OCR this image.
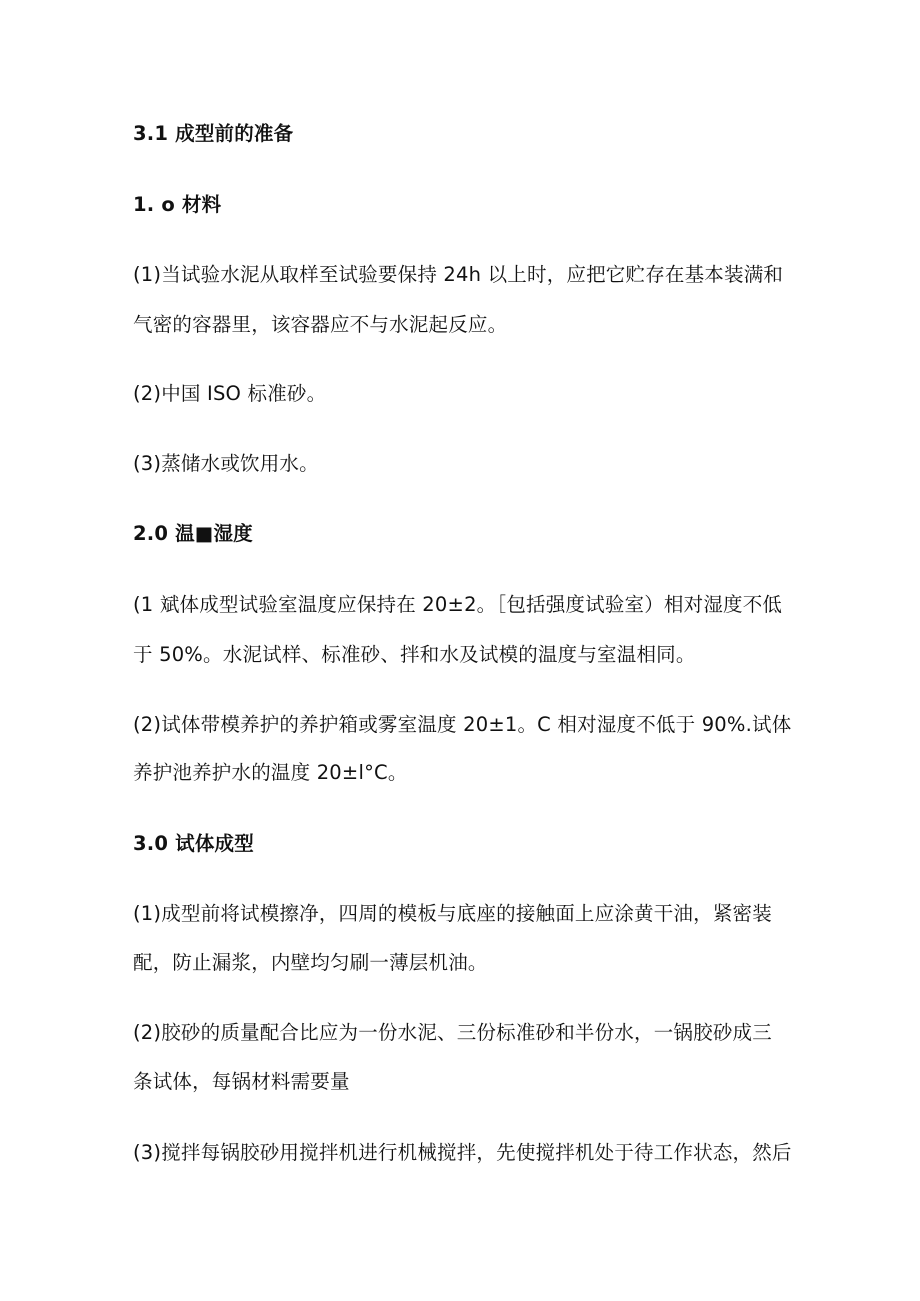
3.1 成型前的准备
1. o 材料
(1)当试验水泥从取样至试验要保持 24h 以上时，应把它贮存在基本装满和
气密的容器里，该容器应不与水泥起反应。
(2)中国 ISO 标准砂。
(3)蒸储水或饮用水。
2.0 温■湿度
(1 斌体成型试验室温度应保持在 20±2。［包括强度试验室）相对湿度不低
于 50%。水泥试样、标准砂、拌和水及试模的温度与室温相同。
(2)试体带模养护的养护箱或雾室温度 20±1。C 相对湿度不低于 90%.试体
养护池养护水的温度 20±l°C。
3.0 试体成型
(1)成型前将试模擦净，四周的模板与底座的接触面上应涂黄干油，紧密装
配，防止漏浆，内壁均匀刷一薄层机油。
(2)胶砂的质量配合比应为一份水泥、三份标准砂和半份水，一锅胶砂成三
条试体，每锅材料需要量
(3)搅拌每锅胶砂用搅拌机进行机械搅拌，先使搅拌机处于待工作状态，然后
